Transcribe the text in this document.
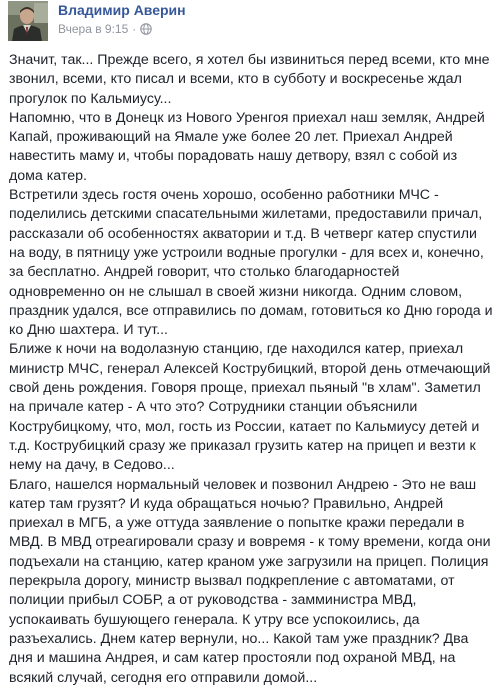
Владимир Аверин
Вчера в 9:15 ·

Значит, так... Прежде всего, я хотел бы извиниться перед всеми, кто мне звонил, всеми, кто писал и всеми, кто в субботу и воскресенье ждал прогулок по Кальмиусу...

Напомню, что в Донецк из Нового Уренгоя приехал наш земляк, Андрей Капай, проживающий на Ямале уже более 20 лет. Приехал Андрей навестить маму и, чтобы порадовать нашу детвору, взял с собой из дома катер.

Встретили здесь гостя очень хорошо, особенно работники МЧС - поделились детскими спасательными жилетами, предоставили причал, рассказали об особенностях акватории и т.д. В четверг катер спустили на воду, в пятницу уже устроили водные прогулки - для всех и, конечно, за бесплатно. Андрей говорит, что столько благодарностей одновременно он не слышал в своей жизни никогда. Одним словом, праздник удался, все отправились по домам, готовиться ко Дню города и ко Дню шахтера. И тут...

Ближе к ночи на водолазную станцию, где находился катер, приехал министр МЧС, генерал Алексей Кострубицкий, второй день отмечающий свой день рождения. Говоря проще, приехал пьяный "в хлам". Заметил на причале катер - А что это? Сотрудники станции объяснили Кострубицкому, что, мол, гость из России, катает по Кальмиусу детей и т.д. Кострубицкий сразу же приказал грузить катер на прицеп и везти к нему на дачу, в Седово...

Благо, нашелся нормальный человек и позвонил Андрею - Это не ваш катер там грузят? И куда обращаться ночью? Правильно, Андрей приехал в МГБ, а уже оттуда заявление о попытке кражи передали в МВД. В МВД отреагировали сразу и вовремя - к тому времени, когда они подъехали на станцию, катер краном уже загрузили на прицеп. Полиция перекрыла дорогу, министр вызвал подкрепление с автоматами, от полиции прибыл СОБР, а от руководства - замминистра МВД, успокаивать бушующего генерала. К утру все успокоились, да разъехались. Днем катер вернули, но... Какой там уже праздник? Два дня и машина Андрея, и сам катер простояли под охраной МВД, на всякий случай, сегодня его отправили домой...
